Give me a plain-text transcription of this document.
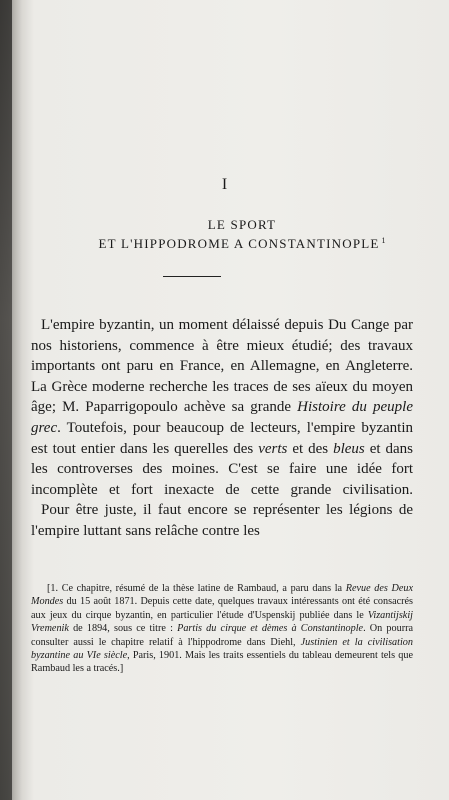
I
LE SPORT
ET L'HIPPODROME A CONSTANTINOPLE $^1$

L'empire byzantin, un moment délaissé depuis Du Cange par nos historiens, commence à être mieux étudié; des travaux importants ont paru en France, en Allemagne, en Angleterre. La Grèce moderne recherche les traces de ses aïeux du moyen âge; M. Paparrigopoulo achève sa grande Histoire du peuple grec. Toutefois, pour beaucoup de lecteurs, l'empire byzantin est tout entier dans les querelles des verts et des bleus et dans les controverses des moines. C'est se faire une idée fort incomplète et fort inexacte de cette grande civilisation.

Pour être juste, il faut encore se représenter les légions de l'empire luttant sans relâche contre les

[1. Ce chapitre, résumé de la thèse latine de Rambaud, a paru dans la Revue des Deux Mondes du 15 août 1871. Depuis cette date, quelques travaux intéressants ont été consacrés aux jeux du cirque byzantin, en particulier l'étude d'Uspenskij publiée dans le Vizantijskij Vremenik de 1894, sous ce titre : Partis du cirque et dèmes à Constantinople. On pourra consulter aussi le chapitre relatif à l'hippodrome dans Diehl, Justinien et la civilisation byzantine au VIe siècle, Paris, 1901. Mais les traits essentiels du tableau demeurent tels que Rambaud les a tracés.]
